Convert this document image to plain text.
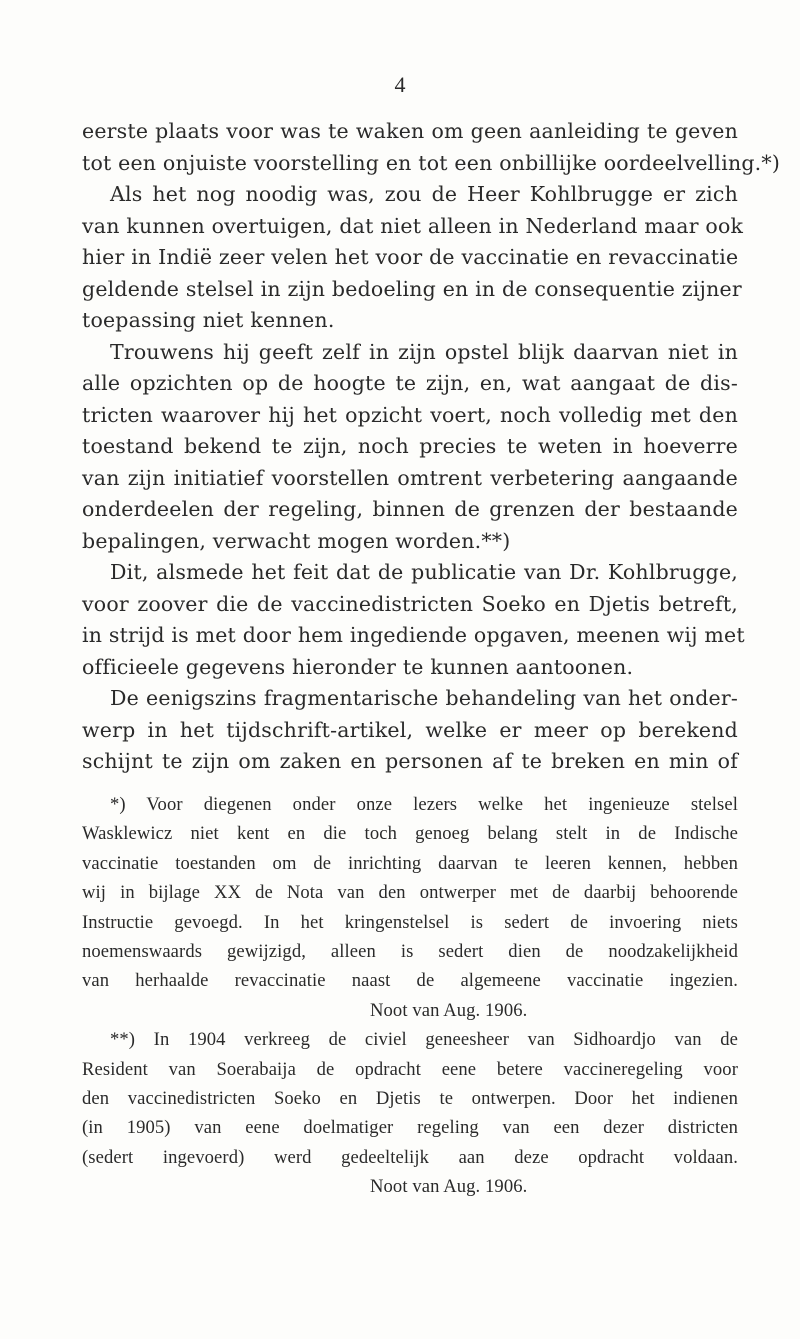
4
eerste plaats voor was te waken om geen aanleiding te geven
tot een onjuiste voorstelling en tot een onbillijke oordeelvelling.*)
Als het nog noodig was, zou de Heer Kohlbrugge er zich
van kunnen overtuigen, dat niet alleen in Nederland maar ook
hier in Indië zeer velen het voor de vaccinatie en revaccinatie
geldende stelsel in zijn bedoeling en in de consequentie zijner
toepassing niet kennen.
Trouwens hij geeft zelf in zijn opstel blijk daarvan niet in
alle opzichten op de hoogte te zijn, en, wat aangaat de dis-
tricten waarover hij het opzicht voert, noch volledig met den
toestand bekend te zijn, noch precies te weten in hoeverre
van zijn initiatief voorstellen omtrent verbetering aangaande
onderdeelen der regeling, binnen de grenzen der bestaande
bepalingen, verwacht mogen worden.**)
Dit, alsmede het feit dat de publicatie van Dr. Kohlbrugge,
voor zoover die de vaccinedistricten Soeko en Djetis betreft,
in strijd is met door hem ingediende opgaven, meenen wij met
officieele gegevens hieronder te kunnen aantoonen.
De eenigszins fragmentarische behandeling van het onder-
werp in het tijdschrift-artikel, welke er meer op berekend
schijnt te zijn om zaken en personen af te breken en min of
*) Voor diegenen onder onze lezers welke het ingenieuze stelsel
Wasklewicz niet kent en die toch genoeg belang stelt in de Indische
vaccinatie toestanden om de inrichting daarvan te leeren kennen, hebben
wij in bijlage XX de Nota van den ontwerper met de daarbij behoorende
Instructie gevoegd. In het kringenstelsel is sedert de invoering niets
noemenswaards gewijzigd, alleen is sedert dien de noodzakelijkheid
van herhaalde revaccinatie naast de algemeene vaccinatie ingezien.
Noot van Aug. 1906.
**) In 1904 verkreeg de civiel geneesheer van Sidhoardjo van de
Resident van Soerabaija de opdracht eene betere vaccineregeling voor
den vaccinedistricten Soeko en Djetis te ontwerpen. Door het indienen
(in 1905) van eene doelmatiger regeling van een dezer districten
(sedert ingevoerd) werd gedeeltelijk aan deze opdracht voldaan.
Noot van Aug. 1906.
